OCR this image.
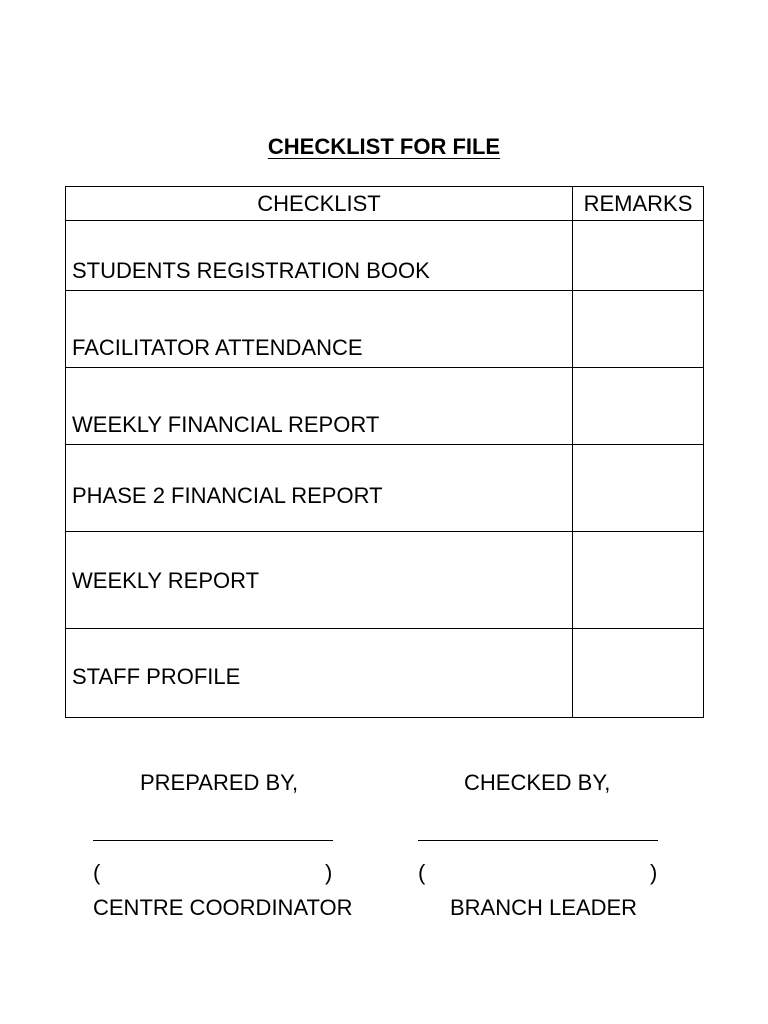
CHECKLIST FOR FILE
CHECKLIST	REMARKS
STUDENTS REGISTRATION BOOK	
FACILITATOR ATTENDANCE	
WEEKLY FINANCIAL REPORT	
PHASE 2 FINANCIAL REPORT	
WEEKLY REPORT	
STAFF PROFILE	
PREPARED BY,
(	)
CENTRE COORDINATOR
CHECKED BY,
(	)
BRANCH LEADER
